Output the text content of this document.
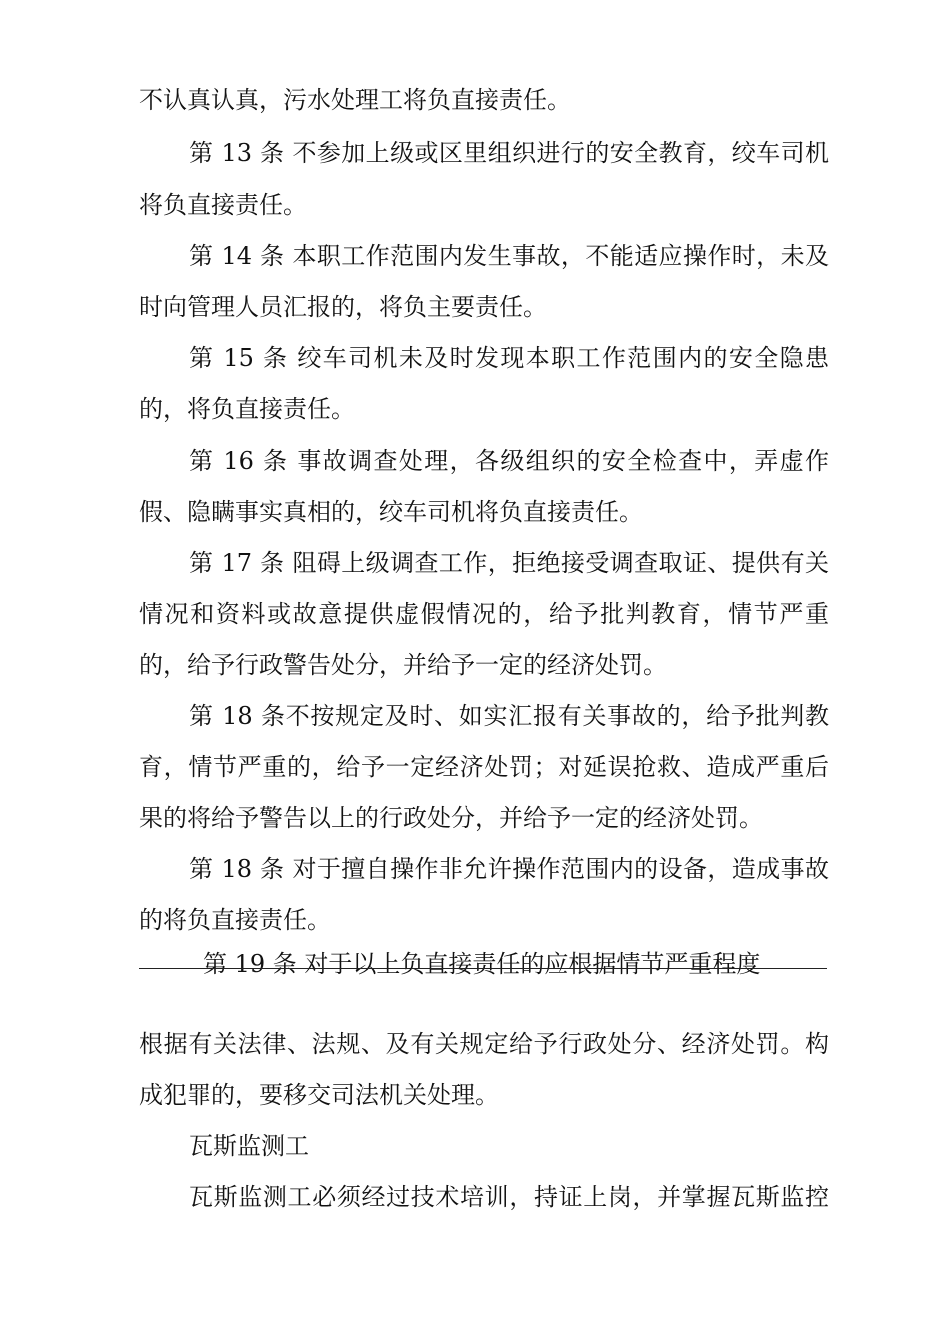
不认真认真，污水处理工将负直接责任。
第 13 条 不参加上级或区里组织进行的安全教育，绞车司机
将负直接责任。
第 14 条 本职工作范围内发生事故，不能适应操作时，未及
时向管理人员汇报的，将负主要责任。
第 15 条 绞车司机未及时发现本职工作范围内的安全隐患
的，将负直接责任。
第 16 条 事故调查处理，各级组织的安全检查中，弄虚作
假、隐瞒事实真相的，绞车司机将负直接责任。
第 17 条 阻碍上级调查工作，拒绝接受调查取证、提供有关
情况和资料或故意提供虚假情况的，给予批判教育，情节严重
的，给予行政警告处分，并给予一定的经济处罚。
第 18 条不按规定及时、如实汇报有关事故的，给予批判教
育，情节严重的，给予一定经济处罚；对延误抢救、造成严重后
果的将给予警告以上的行政处分，并给予一定的经济处罚。
第 18 条 对于擅自操作非允许操作范围内的设备，造成事故
的将负直接责任。
第 19 条 对于以上负直接责任的应根据情节严重程度
根据有关法律、法规、及有关规定给予行政处分、经济处罚。构
成犯罪的，要移交司法机关处理。
瓦斯监测工
瓦斯监测工必须经过技术培训，持证上岗，并掌握瓦斯监控
